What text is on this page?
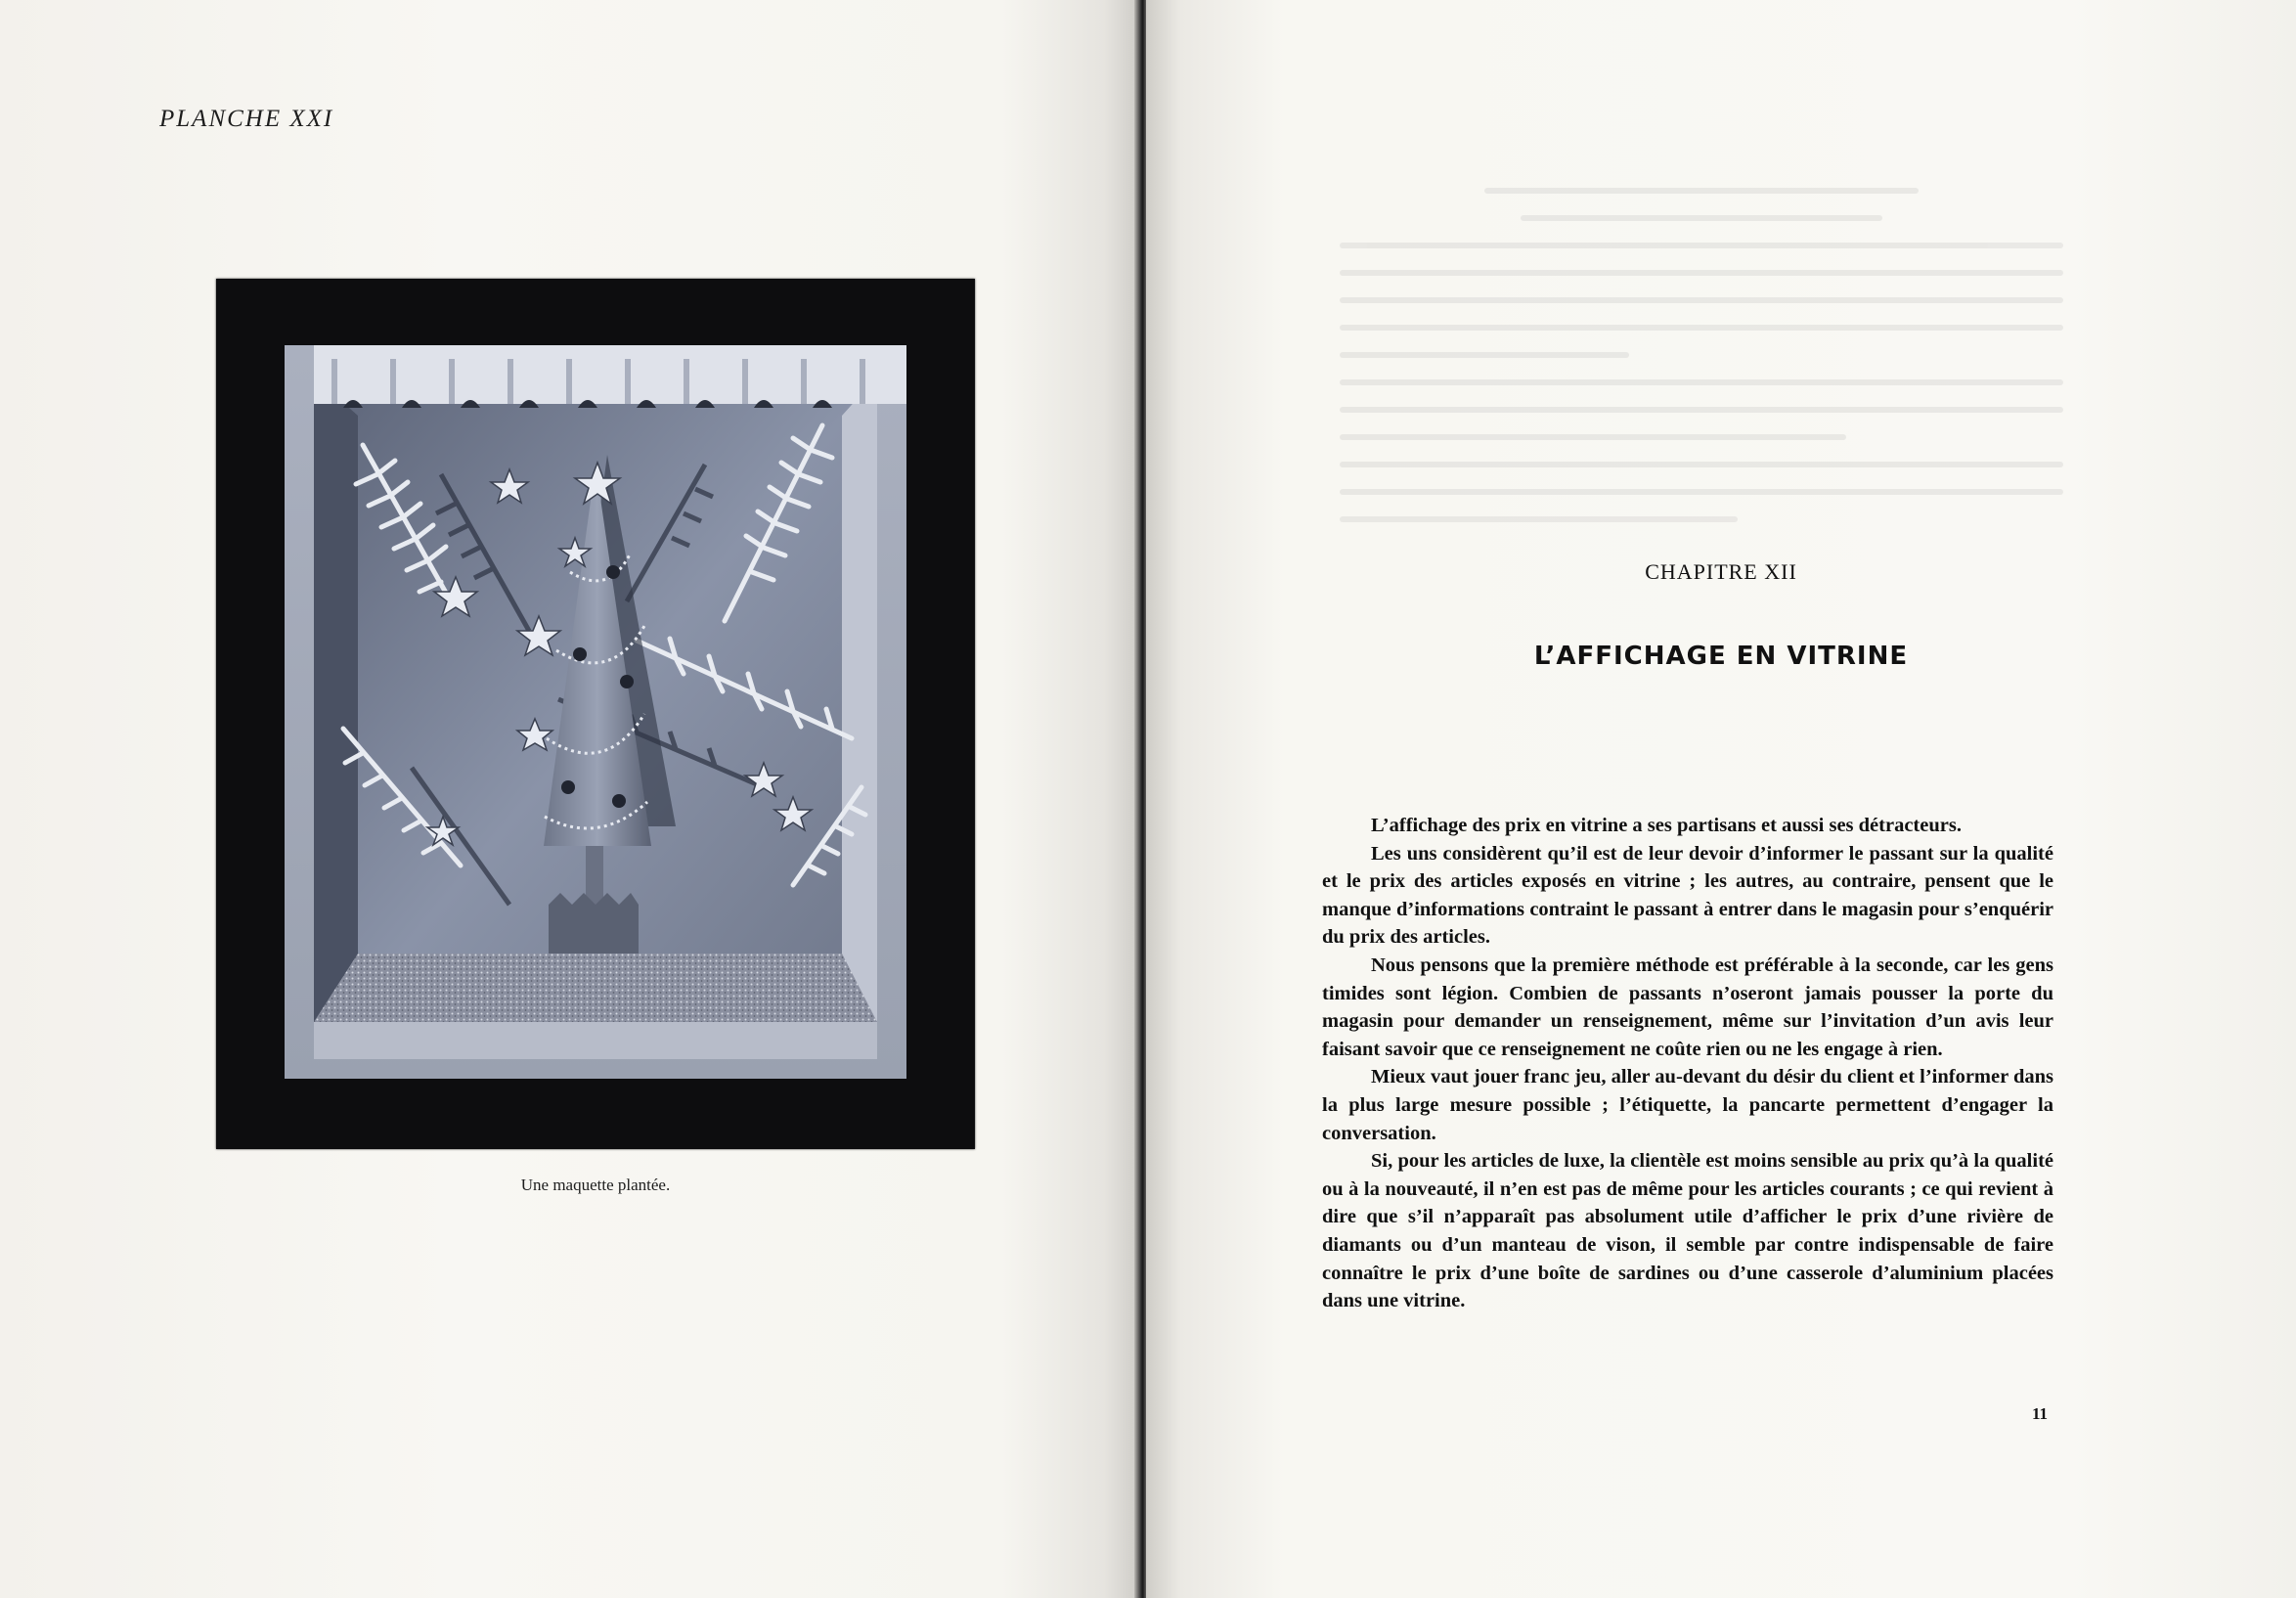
PLANCHE XXI
Une maquette plantée.
CHAPITRE XII
L’AFFICHAGE EN VITRINE

L’affichage des prix en vitrine a ses partisans et aussi ses détracteurs.

Les uns considèrent qu’il est de leur devoir d’informer le passant sur la qualité et le prix des articles exposés en vitrine ; les autres, au contraire, pensent que le manque d’informations contraint le passant à entrer dans le magasin pour s’enquérir du prix des articles.

Nous pensons que la première méthode est préférable à la seconde, car les gens timides sont légion. Combien de passants n’oseront jamais pousser la porte du magasin pour demander un renseignement, même sur l’invitation d’un avis leur faisant savoir que ce renseignement ne coûte rien ou ne les engage à rien.

Mieux vaut jouer franc jeu, aller au-devant du désir du client et l’informer dans la plus large mesure possible ; l’étiquette, la pancarte permettent d’engager la conversation.

Si, pour les articles de luxe, la clientèle est moins sensible au prix qu’à la qualité ou à la nouveauté, il n’en est pas de même pour les articles courants ; ce qui revient à dire que s’il n’apparaît pas absolument utile d’afficher le prix d’une rivière de diamants ou d’un manteau de vison, il semble par contre indispensable de faire connaître le prix d’une boîte de sardines ou d’une casserole d’aluminium placées dans une vitrine.

11
